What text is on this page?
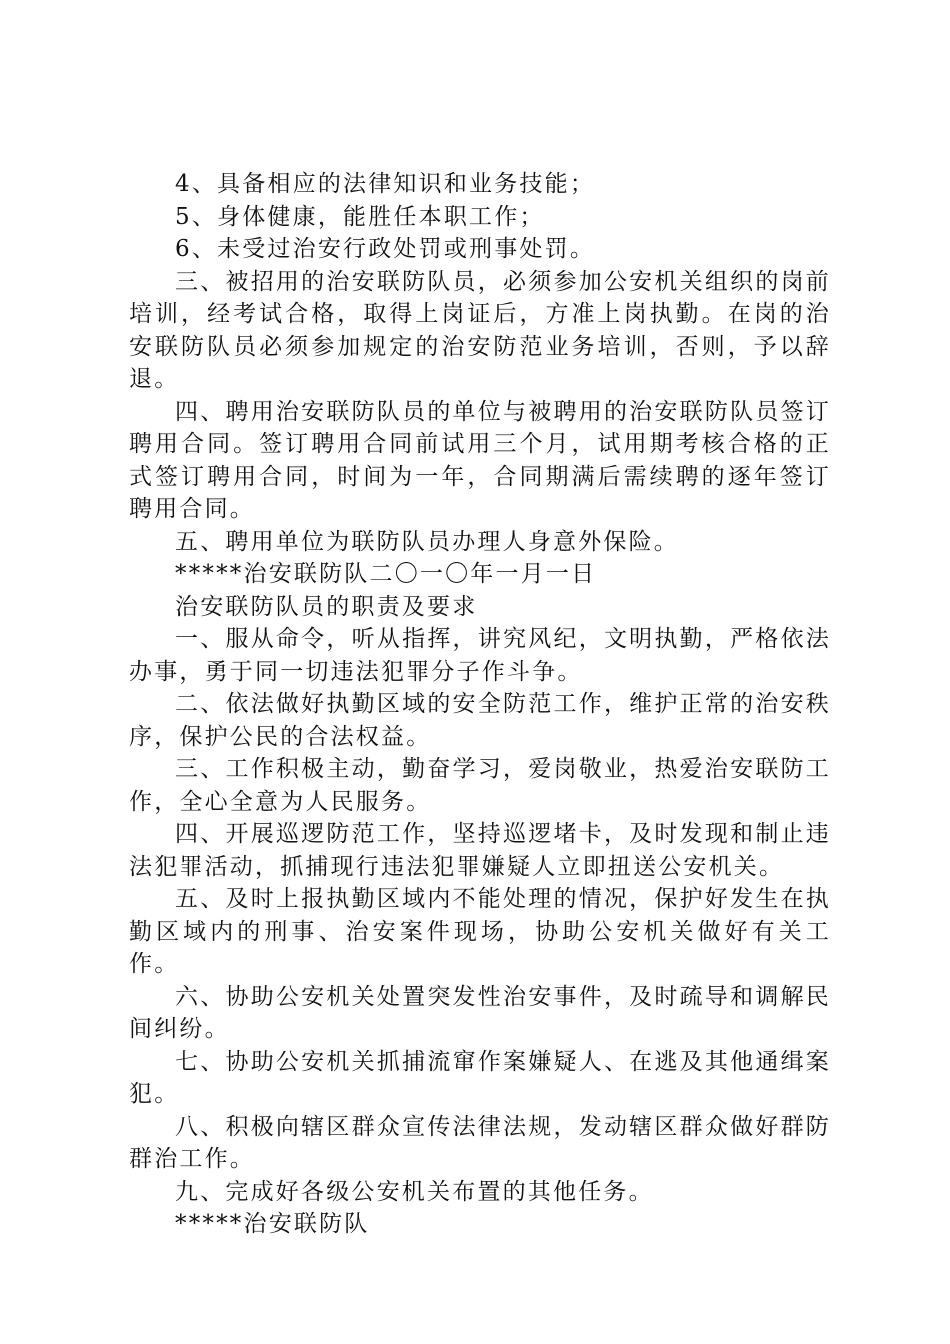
4、具备相应的法律知识和业务技能；

5、身体健康，能胜任本职工作；

6、未受过治安行政处罚或刑事处罚。

三、被招用的治安联防队员，必须参加公安机关组织的岗前培训，经考试合格，取得上岗证后，方准上岗执勤。在岗的治安联防队员必须参加规定的治安防范业务培训，否则，予以辞退。

四、聘用治安联防队员的单位与被聘用的治安联防队员签订聘用合同。签订聘用合同前试用三个月，试用期考核合格的正式签订聘用合同，时间为一年，合同期满后需续聘的逐年签订聘用合同。

五、聘用单位为联防队员办理人身意外保险。

*****治安联防队二〇一〇年一月一日

治安联防队员的职责及要求

一、服从命令，听从指挥，讲究风纪，文明执勤，严格依法办事，勇于同一切违法犯罪分子作斗争。

二、依法做好执勤区域的安全防范工作，维护正常的治安秩序，保护公民的合法权益。

三、工作积极主动，勤奋学习，爱岗敬业，热爱治安联防工作，全心全意为人民服务。

四、开展巡逻防范工作，坚持巡逻堵卡，及时发现和制止违法犯罪活动，抓捕现行违法犯罪嫌疑人立即扭送公安机关。

五、及时上报执勤区域内不能处理的情况，保护好发生在执勤区域内的刑事、治安案件现场，协助公安机关做好有关工作。

六、协助公安机关处置突发性治安事件，及时疏导和调解民间纠纷。

七、协助公安机关抓捕流窜作案嫌疑人、在逃及其他通缉案犯。

八、积极向辖区群众宣传法律法规，发动辖区群众做好群防群治工作。

九、完成好各级公安机关布置的其他任务。

*****治安联防队
